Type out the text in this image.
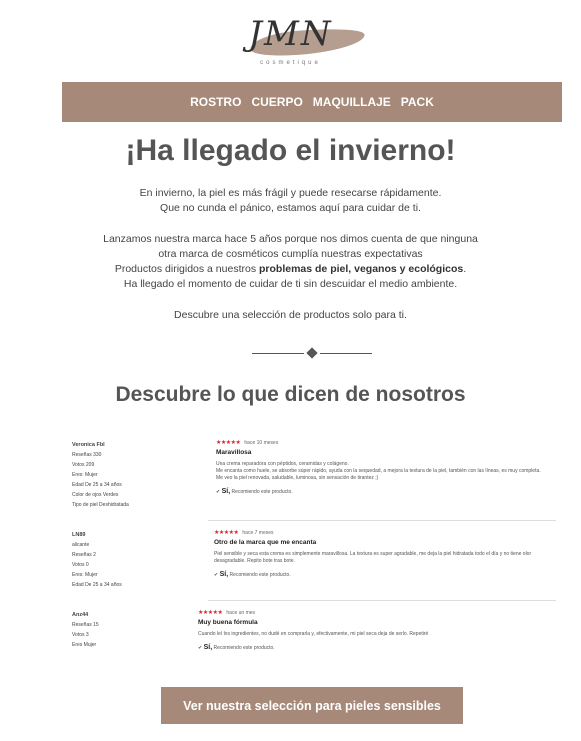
JMN
cosmetique
ROSTRO CUERPO MAQUILLAJE PACK
¡Ha llegado el invierno!
En invierno, la piel es más frágil y puede resecarse rápidamente.
Que no cunda el pánico, estamos aquí para cuidar de ti.
Lanzamos nuestra marca hace 5 años porque nos dimos cuenta de que ninguna
otra marca de cosméticos cumplía nuestras expectativas
Productos dirigidos a nuestros problemas de piel, veganos y ecológicos.
Ha llegado el momento de cuidar de ti sin descuidar el medio ambiente.
Descubre una selección de productos solo para ti.
Descubre lo que dicen de nosotros
Veronica Fbl
Reseñas 330
Votos 209
Eres: Mujer
Edad De 25 a 34 años
Color de ojos Verdes
Tipo de piel Deshidratada
★★★★★ hace 10 meses
Maravillosa
Una crema reparadora con péptidos, ceramidas y colágeno.
Me encanta como huele, se absorbe súper rápido, ayuda con la sequedad, a mejora la textura de la piel, también con las líneas, es muy completa.
Me veo la piel renovada, saludable, luminosa, sin sensación de tirantez ;)
✔ Sí, Recomiendo este producto.
LN89
alicante
Reseñas 2
Votos 0
Eres: Mujer
Edad De 25 a 34 años
★★★★★ hace 7 meses
Otro de la marca que me encanta
Piel sensible y seca esta crema es simplemente maravillosa. La textura es super agradable, me deja la piel hidratada todo el día y no tiene olor
desagradable. Repito bote tras bote.
✔ Sí, Recomiendo este producto.
Anz44
Reseñas 15
Votos 3
Eres Mujer
★★★★★ hace un mes
Muy buena fórmula
Cuando leí los ingredientes, no dudé en comprarla y, efectivamente, mi piel seca deja de serlo. Repetiré
✔ Sí, Recomiendo este producto.
Ver nuestra selección para pieles sensibles
